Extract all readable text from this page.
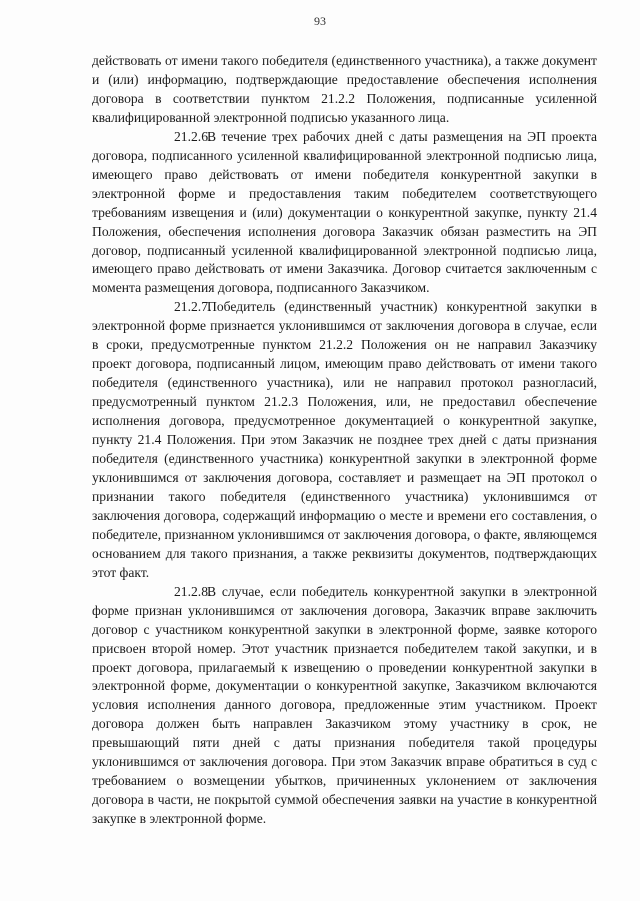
93

действовать от имени такого победителя (единственного участника), а также документ и (или) информацию, подтверждающие предоставление обеспечения исполнения договора в соответствии пунктом 21.2.2 Положения, подписанные усиленной квалифицированной электронной подписью указанного лица.

21.2.6.В течение трех рабочих дней с даты размещения на ЭП проекта договора, подписанного усиленной квалифицированной электронной подписью лица, имеющего право действовать от имени победителя конкурентной закупки в электронной форме и предоставления таким победителем соответствующего требованиям извещения и (или) документации о конкурентной закупке, пункту 21.4 Положения, обеспечения исполнения договора Заказчик обязан разместить на ЭП договор, подписанный усиленной квалифицированной электронной подписью лица, имеющего право действовать от имени Заказчика. Договор считается заключенным с момента размещения договора, подписанного Заказчиком.

21.2.7.Победитель (единственный участник) конкурентной закупки в электронной форме признается уклонившимся от заключения договора в случае, если в сроки, предусмотренные пунктом 21.2.2 Положения он не направил Заказчику проект договора, подписанный лицом, имеющим право действовать от имени такого победителя (единственного участника), или не направил протокол разногласий, предусмотренный пунктом 21.2.3 Положения, или, не предоставил обеспечение исполнения договора, предусмотренное документацией о конкурентной закупке, пункту 21.4 Положения. При этом Заказчик не позднее трех дней с даты признания победителя (единственного участника) конкурентной закупки в электронной форме уклонившимся от заключения договора, составляет и размещает на ЭП протокол о признании такого победителя (единственного участника) уклонившимся от заключения договора, содержащий информацию о месте и времени его составления, о победителе, признанном уклонившимся от заключения договора, о факте, являющемся основанием для такого признания, а также реквизиты документов, подтверждающих этот факт.

21.2.8.В случае, если победитель конкурентной закупки в электронной форме признан уклонившимся от заключения договора, Заказчик вправе заключить договор с участником конкурентной закупки в электронной форме, заявке которого присвоен второй номер. Этот участник признается победителем такой закупки, и в проект договора, прилагаемый к извещению о проведении конкурентной закупки в электронной форме, документации о конкурентной закупке, Заказчиком включаются условия исполнения данного договора, предложенные этим участником. Проект договора должен быть направлен Заказчиком этому участнику в срок, не превышающий пяти дней с даты признания победителя такой процедуры уклонившимся от заключения договора. При этом Заказчик вправе обратиться в суд с требованием о возмещении убытков, причиненных уклонением от заключения договора в части, не покрытой суммой обеспечения заявки на участие в конкурентной закупке в электронной форме.
